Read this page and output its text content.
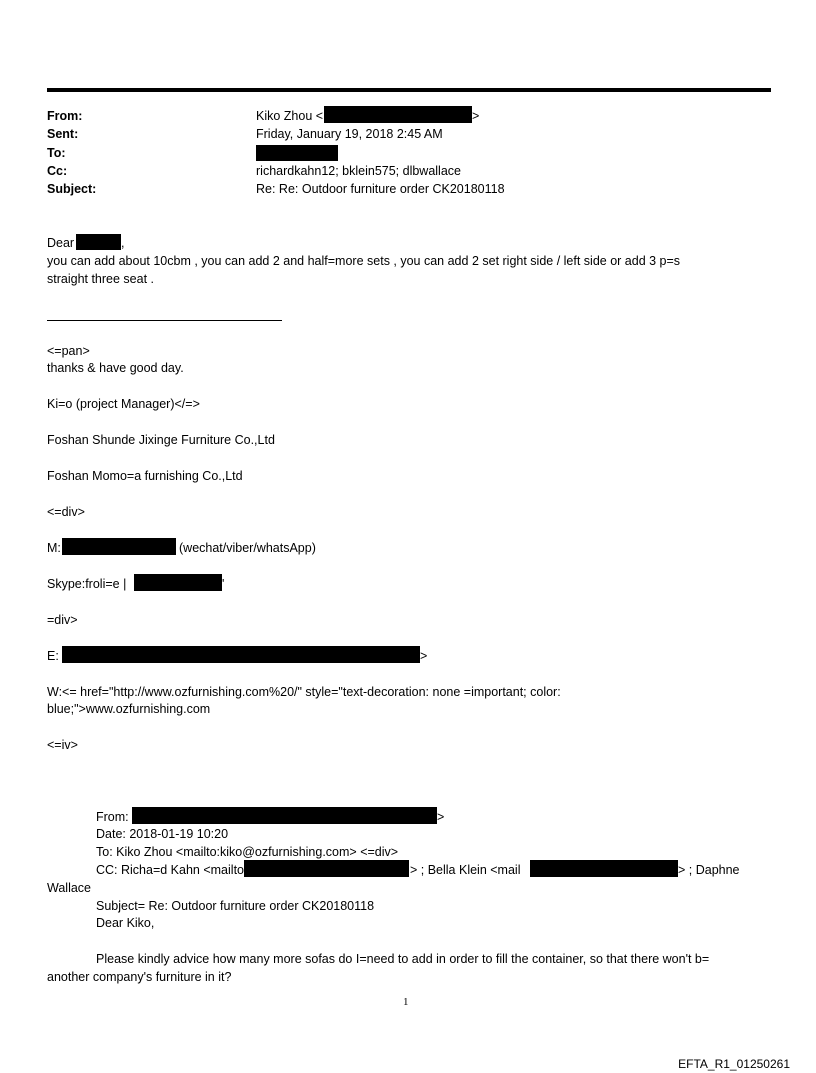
From:	Kiko Zhou <	>
Sent:	Friday, January 19, 2018 2:45 AM
To:
Cc:	richardkahn12; bklein575; dlbwallace
Subject:	Re: Re: Outdoor furniture order CK20180118
Dear	,
you can add about 10cbm , you can add 2 and half=more sets , you can add 2 set right side / left side or add 3 p=s
straight three seat .
<=pan>
thanks & have good day.
Ki=o (project Manager)</=>
Foshan Shunde Jixinge Furniture Co.,Ltd
Foshan Momo=a furnishing Co.,Ltd
<=div>
M:	(wechat/viber/whatsApp)
Skype:froli=e |	'
=div>
E:	>
W:<= href="http://www.ozfurnishing.com%20/" style="text-decoration: none =important; color:
blue;">www.ozfurnishing.com
<=iv>
From:	>
Date: 2018-01-19 10:20
To: Kiko Zhou <mailto:kiko@ozfurnishing.com> <=div>
CC: Richa=d Kahn <mailto	> ; Bella Klein <mail	> ; Daphne
Wallace
Subject= Re: Outdoor furniture order CK20180118
Dear Kiko,
Please kindly advice how many more sofas do I=need to add in order to fill the container, so that there won't b=
another company's furniture in it?
1
EFTA_R1_01250261
